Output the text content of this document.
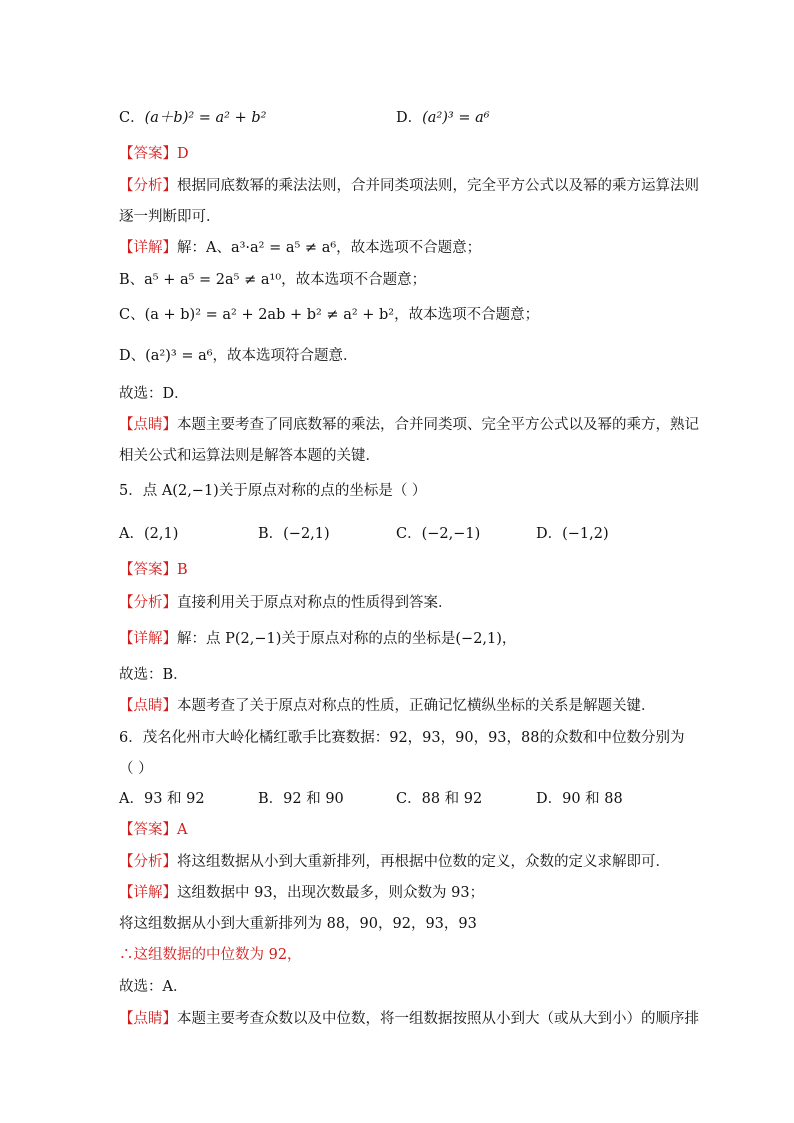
C．(a＋b)² = a² + b²	D．(a²)³ = a⁶
【答案】D
【分析】根据同底数幂的乘法法则，合并同类项法则，完全平方公式以及幂的乘方运算法则
逐一判断即可．
【详解】解：A、a³·a² = a⁵ ≠ a⁶，故本选项不合题意；
B、a⁵ + a⁵ = 2a⁵ ≠ a¹⁰，故本选项不合题意；
C、(a + b)² = a² + 2ab + b² ≠ a² + b²，故本选项不合题意；
D、(a²)³ = a⁶，故本选项符合题意．
故选：D．
【点睛】本题主要考查了同底数幂的乘法，合并同类项、完全平方公式以及幂的乘方，熟记
相关公式和运算法则是解答本题的关键．
5．点 A(2,−1)关于原点对称的点的坐标是（ ）
A．(2,1)	B．(−2,1)	C．(−2,−1)	D．(−1,2)
【答案】B
【分析】直接利用关于原点对称点的性质得到答案．
【详解】解：点 P(2,−1)关于原点对称的点的坐标是(−2,1)，
故选：B．
【点睛】本题考查了关于原点对称点的性质，正确记忆横纵坐标的关系是解题关键．
6．茂名化州市大岭化橘红歌手比赛数据：92，93，90，93，88的众数和中位数分别为
（ ）
A．93 和 92	B．92 和 90	C．88 和 92	D．90 和 88
【答案】A
【分析】将这组数据从小到大重新排列，再根据中位数的定义，众数的定义求解即可．
【详解】这组数据中 93，出现次数最多，则众数为 93；
将这组数据从小到大重新排列为 88，90，92，93，93
∴这组数据的中位数为 92，
故选：A．
【点睛】本题主要考查众数以及中位数，将一组数据按照从小到大（或从大到小）的顺序排
